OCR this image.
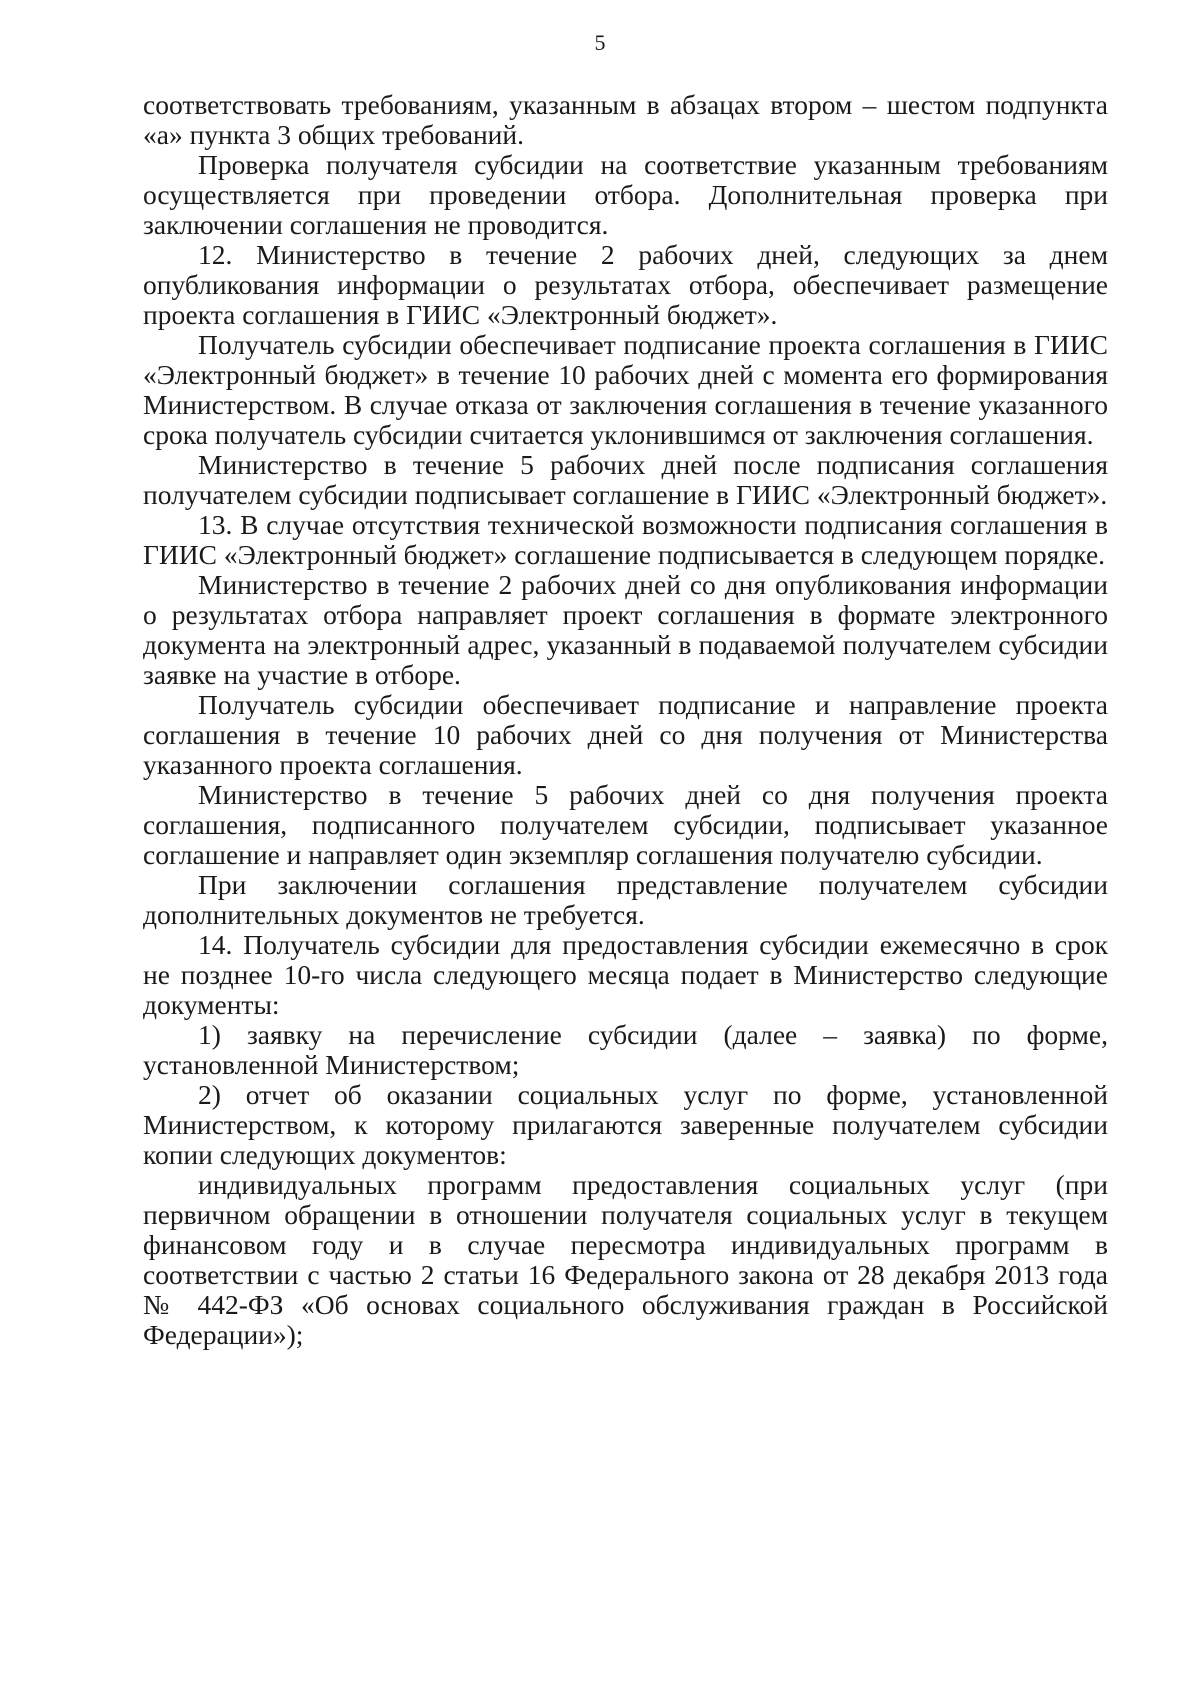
5

соответствовать требованиям, указанным в абзацах втором – шестом подпункта «а» пункта 3 общих требований.

Проверка получателя субсидии на соответствие указанным требованиям осуществляется при проведении отбора. Дополнительная проверка при заключении соглашения не проводится.

12. Министерство в течение 2 рабочих дней, следующих за днем опубликования информации о результатах отбора, обеспечивает размещение проекта соглашения в ГИИС «Электронный бюджет».

Получатель субсидии обеспечивает подписание проекта соглашения в ГИИС «Электронный бюджет» в течение 10 рабочих дней с момента его формирования Министерством. В случае отказа от заключения соглашения в течение указанного срока получатель субсидии считается уклонившимся от заключения соглашения.

Министерство в течение 5 рабочих дней после подписания соглашения получателем субсидии подписывает соглашение в ГИИС «Электронный бюджет».

13. В случае отсутствия технической возможности подписания соглашения в ГИИС «Электронный бюджет» соглашение подписывается в следующем порядке.

Министерство в течение 2 рабочих дней со дня опубликования информации о результатах отбора направляет проект соглашения в формате электронного документа на электронный адрес, указанный в подаваемой получателем субсидии заявке на участие в отборе.

Получатель субсидии обеспечивает подписание и направление проекта соглашения в течение 10 рабочих дней со дня получения от Министерства указанного проекта соглашения.

Министерство в течение 5 рабочих дней со дня получения проекта соглашения, подписанного получателем субсидии, подписывает указанное соглашение и направляет один экземпляр соглашения получателю субсидии.

При заключении соглашения представление получателем субсидии дополнительных документов не требуется.

14. Получатель субсидии для предоставления субсидии ежемесячно в срок не позднее 10-го числа следующего месяца подает в Министерство следующие документы:

1) заявку на перечисление субсидии (далее – заявка) по форме, установленной Министерством;

2) отчет об оказании социальных услуг по форме, установленной Министерством, к которому прилагаются заверенные получателем субсидии копии следующих документов:

индивидуальных программ предоставления социальных услуг (при первичном обращении в отношении получателя социальных услуг в текущем финансовом году и в случае пересмотра индивидуальных программ в соответствии с частью 2 статьи 16 Федерального закона от 28 декабря 2013 года № 442-ФЗ «Об основах социального обслуживания граждан в Российской Федерации»);
